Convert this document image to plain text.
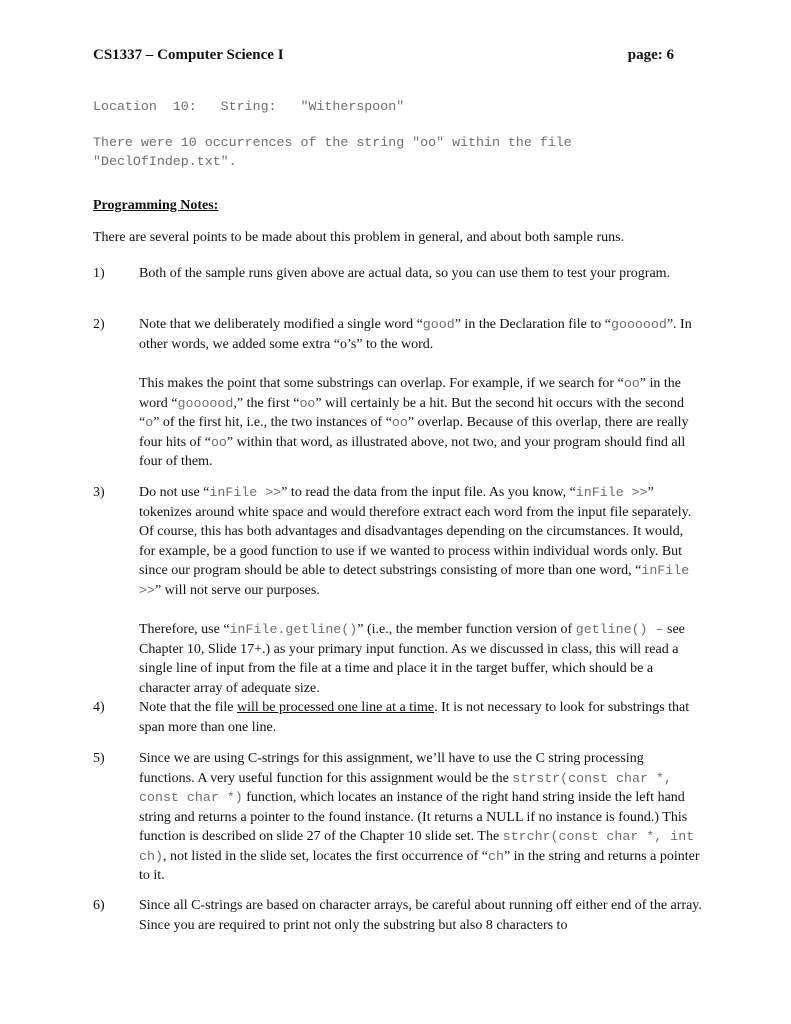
CS1337 – Computer Science I	page: 6
Location  10:   String:   "Witherspoon"
There were 10 occurrences of the string "oo" within the file
"DeclOfIndep.txt".
Programming Notes:
There are several points to be made about this problem in general, and about both sample runs.
1) Both of the sample runs given above are actual data, so you can use them to test your program.

2) Note that we deliberately modified a single word “good” in the Declaration file to “goooood”. In other words, we added some extra “o’s” to the word.

This makes the point that some substrings can overlap. For example, if we search for “oo” in the word “goooood,” the first “oo” will certainly be a hit. But the second hit occurs with the second “o” of the first hit, i.e., the two instances of “oo” overlap. Because of this overlap, there are really four hits of “oo” within that word, as illustrated above, not two, and your program should find all four of them.

3) Do not use “inFile >>” to read the data from the input file. As you know, “inFile >>” tokenizes around white space and would therefore extract each word from the input file separately. Of course, this has both advantages and disadvantages depending on the circumstances. It would, for example, be a good function to use if we wanted to process within individual words only. But since our program should be able to detect substrings consisting of more than one word, “inFile >>” will not serve our purposes.

Therefore, use “inFile.getline()” (i.e., the member function version of getline() – see Chapter 10, Slide 17+.) as your primary input function. As we discussed in class, this will read a single line of input from the file at a time and place it in the target buffer, which should be a character array of adequate size.

4) Note that the file will be processed one line at a time. It is not necessary to look for substrings that span more than one line.

5) Since we are using C-strings for this assignment, we’ll have to use the C string processing functions. A very useful function for this assignment would be the strstr(const char *, const char *) function, which locates an instance of the right hand string inside the left hand string and returns a pointer to the found instance. (It returns a NULL if no instance is found.) This function is described on slide 27 of the Chapter 10 slide set. The strchr(const char *, int ch), not listed in the slide set, locates the first occurrence of “ch” in the string and returns a pointer to it.

6) Since all C-strings are based on character arrays, be careful about running off either end of the array. Since you are required to print not only the substring but also 8 characters to
